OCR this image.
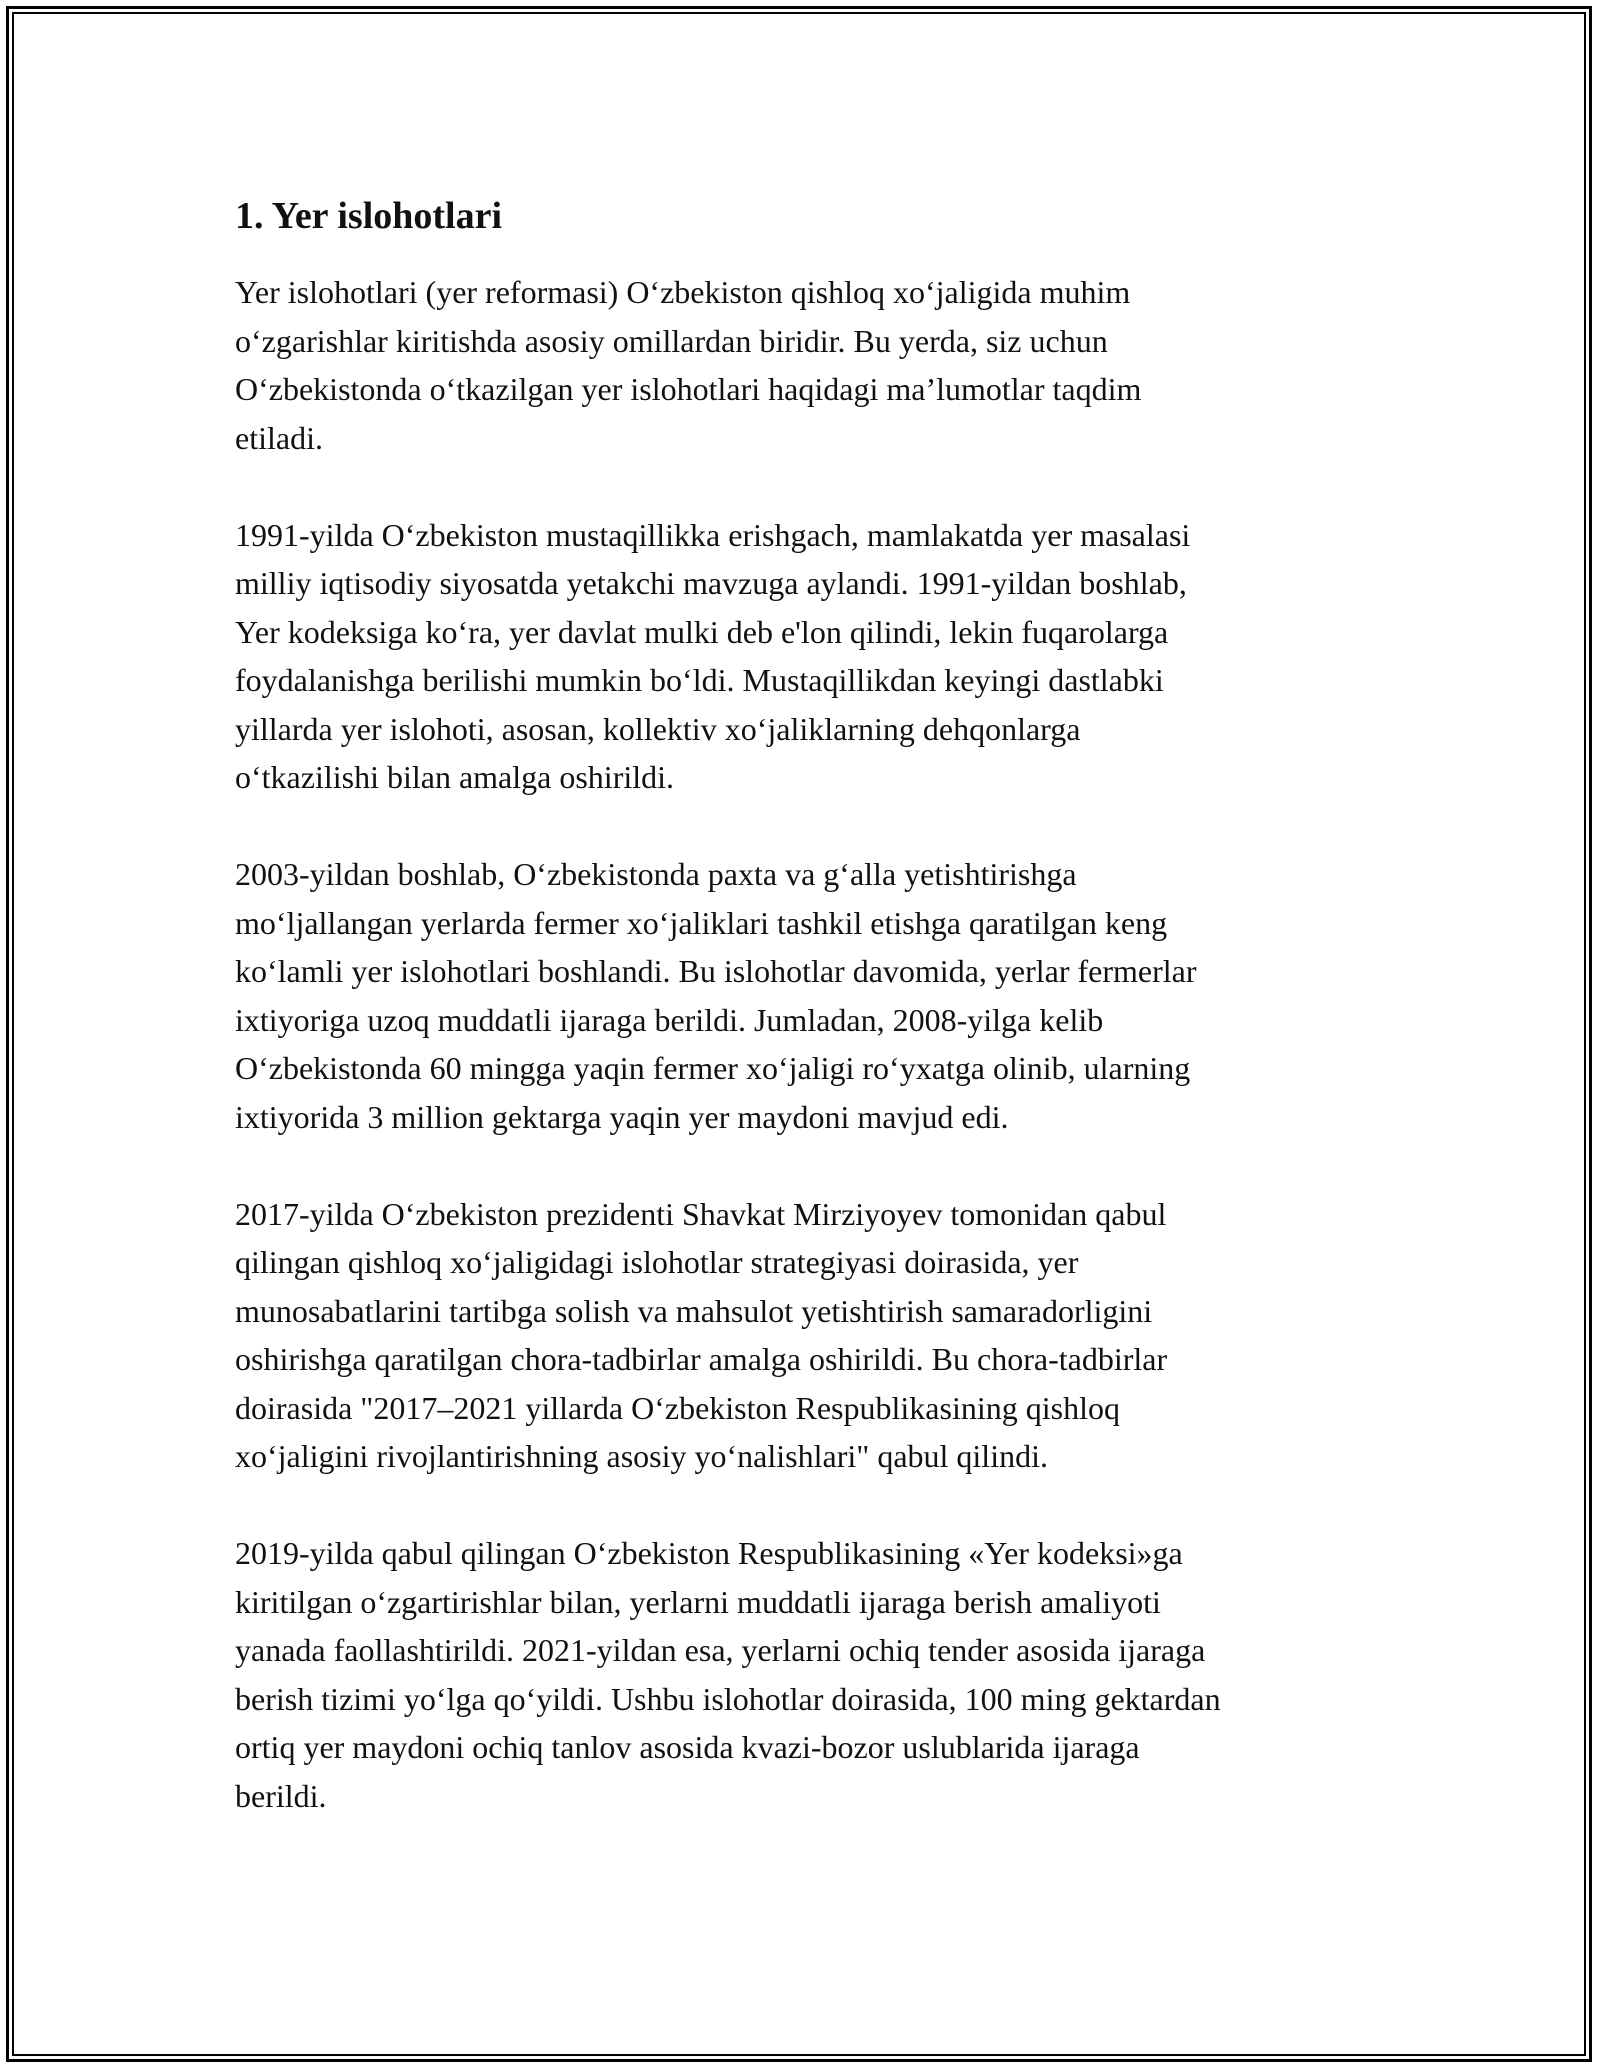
1. Yer islohotlari

Yer islohotlari (yer reformasi) O‘zbekiston qishloq xo‘jaligida muhim
o‘zgarishlar kiritishda asosiy omillardan biridir. Bu yerda, siz uchun
O‘zbekistonda o‘tkazilgan yer islohotlari haqidagi ma’lumotlar taqdim
etiladi.

1991-yilda O‘zbekiston mustaqillikka erishgach, mamlakatda yer masalasi
milliy iqtisodiy siyosatda yetakchi mavzuga aylandi. 1991-yildan boshlab,
Yer kodeksiga ko‘ra, yer davlat mulki deb e'lon qilindi, lekin fuqarolarga
foydalanishga berilishi mumkin bo‘ldi. Mustaqillikdan keyingi dastlabki
yillarda yer islohoti, asosan, kollektiv xo‘jaliklarning dehqonlarga
o‘tkazilishi bilan amalga oshirildi.

2003-yildan boshlab, O‘zbekistonda paxta va g‘alla yetishtirishga
mo‘ljallangan yerlarda fermer xo‘jaliklari tashkil etishga qaratilgan keng
ko‘lamli yer islohotlari boshlandi. Bu islohotlar davomida, yerlar fermerlar
ixtiyoriga uzoq muddatli ijaraga berildi. Jumladan, 2008-yilga kelib
O‘zbekistonda 60 mingga yaqin fermer xo‘jaligi ro‘yxatga olinib, ularning
ixtiyorida 3 million gektarga yaqin yer maydoni mavjud edi.

2017-yilda O‘zbekiston prezidenti Shavkat Mirziyoyev tomonidan qabul
qilingan qishloq xo‘jaligidagi islohotlar strategiyasi doirasida, yer
munosabatlarini tartibga solish va mahsulot yetishtirish samaradorligini
oshirishga qaratilgan chora-tadbirlar amalga oshirildi. Bu chora-tadbirlar
doirasida "2017–2021 yillarda O‘zbekiston Respublikasining qishloq
xo‘jaligini rivojlantirishning asosiy yo‘nalishlari" qabul qilindi.

2019-yilda qabul qilingan O‘zbekiston Respublikasining «Yer kodeksi»ga
kiritilgan o‘zgartirishlar bilan, yerlarni muddatli ijaraga berish amaliyoti
yanada faollashtirildi. 2021-yildan esa, yerlarni ochiq tender asosida ijaraga
berish tizimi yo‘lga qo‘yildi. Ushbu islohotlar doirasida, 100 ming gektardan
ortiq yer maydoni ochiq tanlov asosida kvazi-bozor uslublarida ijaraga
berildi.
